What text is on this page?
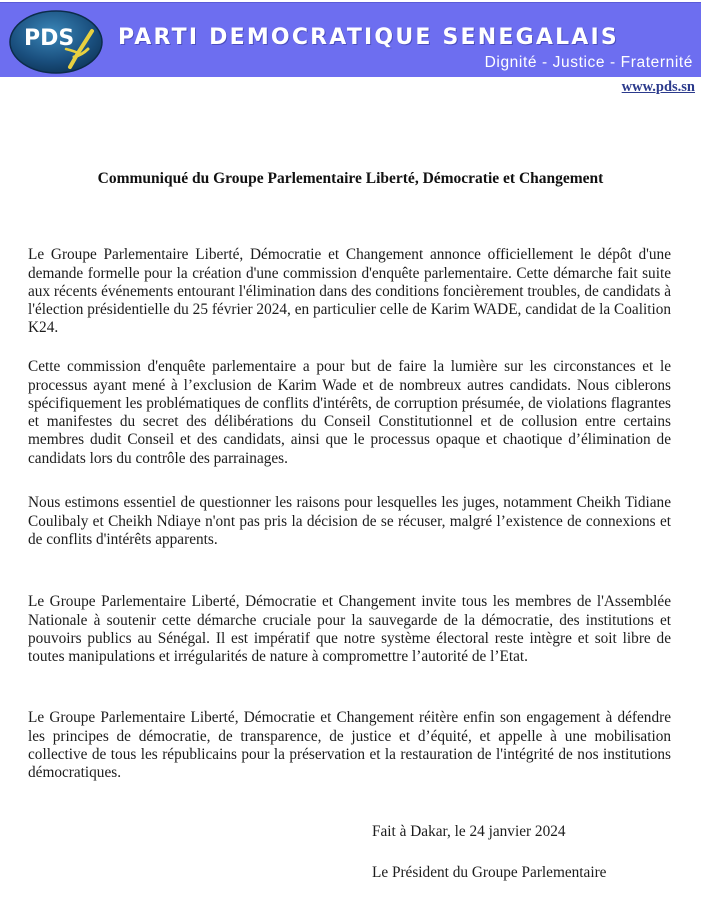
PDS PARTI DEMOCRATIQUE SENEGALAIS
Dignité - Justice - Fraternité
www.pds.sn
Communiqué du Groupe Parlementaire Liberté, Démocratie et Changement

Le Groupe Parlementaire Liberté, Démocratie et Changement annonce officiellement le dépôt d'une demande formelle pour la création d'une commission d'enquête parlementaire. Cette démarche fait suite aux récents événements entourant l'élimination dans des conditions foncièrement troubles, de candidats à l'élection présidentielle du 25 février 2024, en particulier celle de Karim WADE, candidat de la Coalition K24.

Cette commission d'enquête parlementaire a pour but de faire la lumière sur les circonstances et le processus ayant mené à l’exclusion de Karim Wade et de nombreux autres candidats. Nous ciblerons spécifiquement les problématiques de conflits d'intérêts, de corruption présumée, de violations flagrantes et manifestes du secret des délibérations du Conseil Constitutionnel et de collusion entre certains membres dudit Conseil et des candidats, ainsi que le processus opaque et chaotique d’élimination de candidats lors du contrôle des parrainages.

Nous estimons essentiel de questionner les raisons pour lesquelles les juges, notamment Cheikh Tidiane Coulibaly et Cheikh Ndiaye n'ont pas pris la décision de se récuser, malgré l’existence de connexions et de conflits d'intérêts apparents.

Le Groupe Parlementaire Liberté, Démocratie et Changement invite tous les membres de l'Assemblée Nationale à soutenir cette démarche cruciale pour la sauvegarde de la démocratie, des institutions et pouvoirs publics au Sénégal. Il est impératif que notre système électoral reste intègre et soit libre de toutes manipulations et irrégularités de nature à compromettre l’autorité de l’Etat.

Le Groupe Parlementaire Liberté, Démocratie et Changement réitère enfin son engagement à défendre les principes de démocratie, de transparence, de justice et d’équité, et appelle à une mobilisation collective de tous les républicains pour la préservation et la restauration de l'intégrité de nos institutions démocratiques.

Fait à Dakar, le 24 janvier 2024
Le Président du Groupe Parlementaire
